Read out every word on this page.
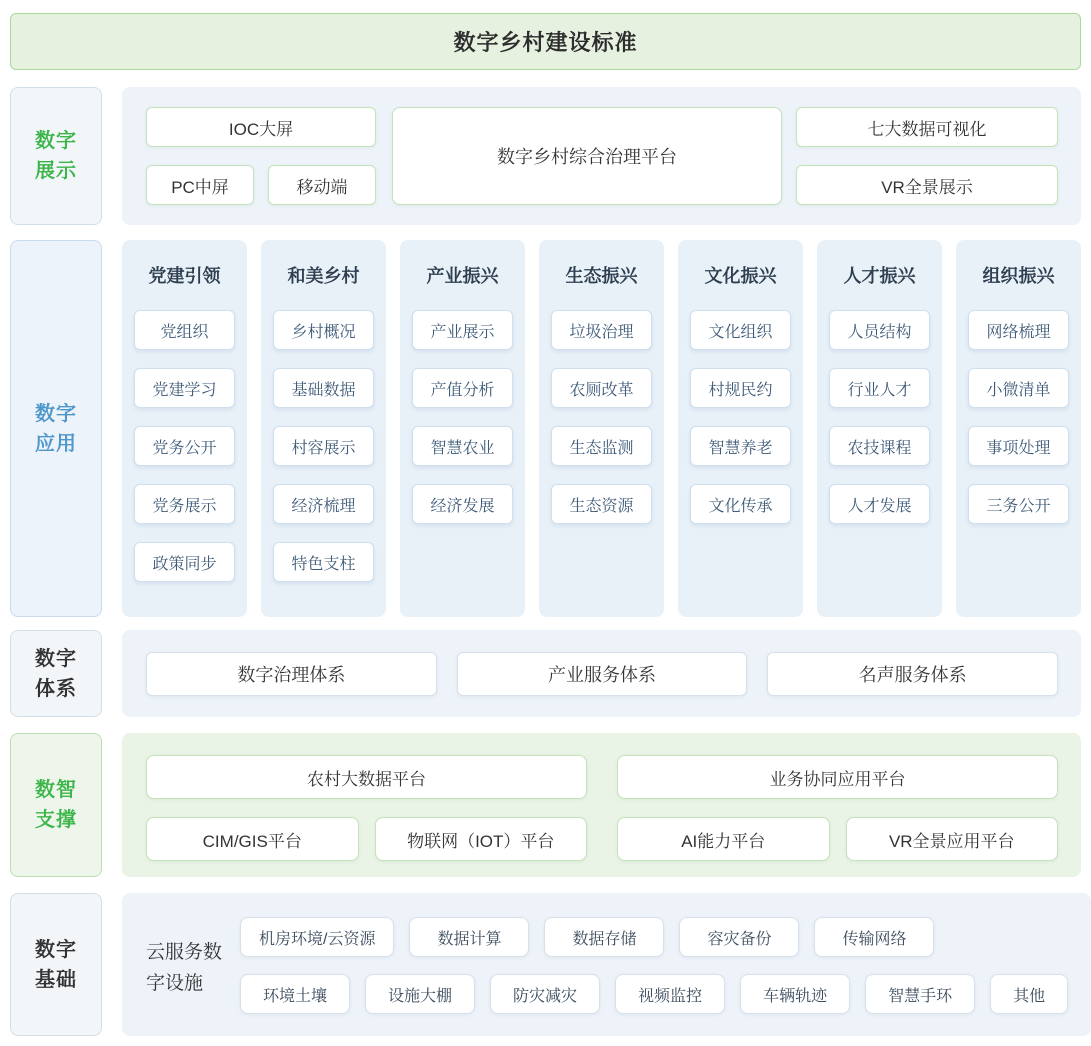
数字乡村建设标准
数字
展示
IOC大屏
PC中屏	移动端
数字乡村综合治理平台
七大数据可视化
VR全景展示
数字
应用
党建引领
党组织
党建学习
党务公开
党务展示
政策同步
和美乡村
乡村概况
基础数据
村容展示
经济梳理
特色支柱
产业振兴
产业展示
产值分析
智慧农业
经济发展
生态振兴
垃圾治理
农厕改革
生态监测
生态资源
文化振兴
文化组织
村规民约
智慧养老
文化传承
人才振兴
人员结构
行业人才
农技课程
人才发展
组织振兴
网络梳理
小微清单
事项处理
三务公开
数字
体系
数字治理体系	产业服务体系	名声服务体系
数智
支撑
农村大数据平台
CIM/GIS平台	物联网（IOT）平台
业务协同应用平台
AI能力平台	VR全景应用平台
数字
基础
云服务数字设施
机房环境/云资源	数据计算	数据存储	容灾备份	传输网络
环境土壤	设施大棚	防灾减灾	视频监控	车辆轨迹	智慧手环	其他
